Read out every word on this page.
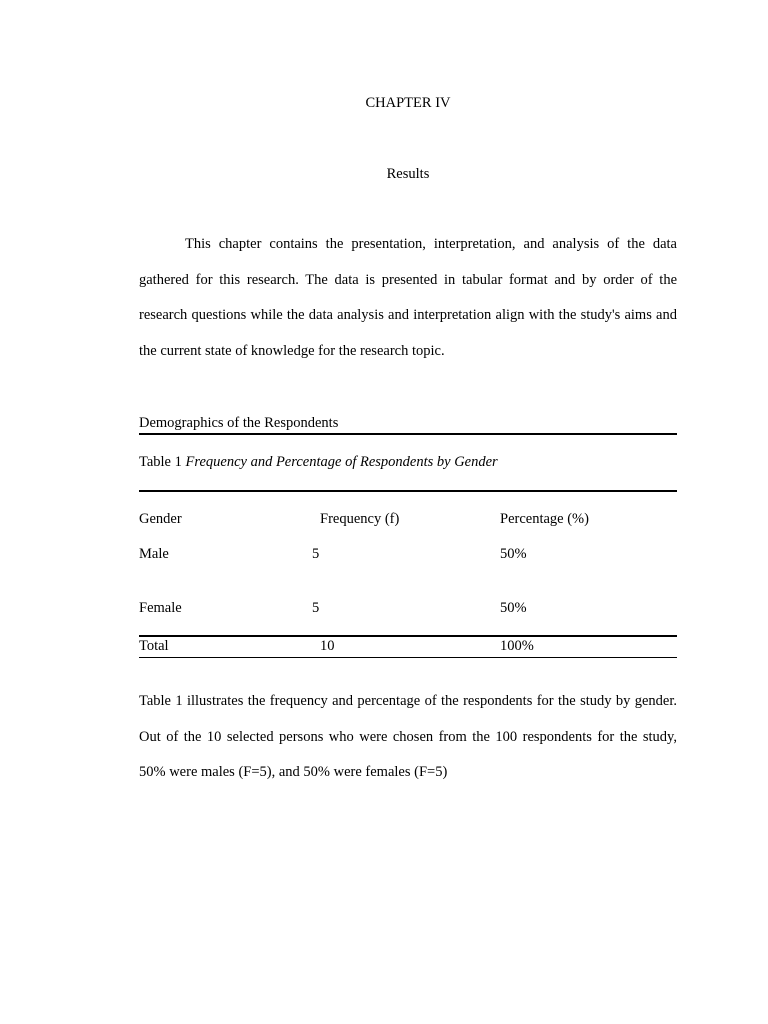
CHAPTER IV
Results

This chapter contains the presentation, interpretation, and analysis of the data gathered for this research. The data is presented in tabular format and by order of the research questions while the data analysis and interpretation align with the study's aims and the current state of knowledge for the research topic.

Demographics of the Respondents
Table 1 Frequency and Percentage of Respondents by Gender
Gender	Frequency (f)	Percentage (%)
Male	5	50%
Female	5	50%
Total	10	100%

Table 1 illustrates the frequency and percentage of the respondents for the study by gender. Out of the 10 selected persons who were chosen from the 100 respondents for the study, 50% were males (F=5), and 50% were females (F=5)
